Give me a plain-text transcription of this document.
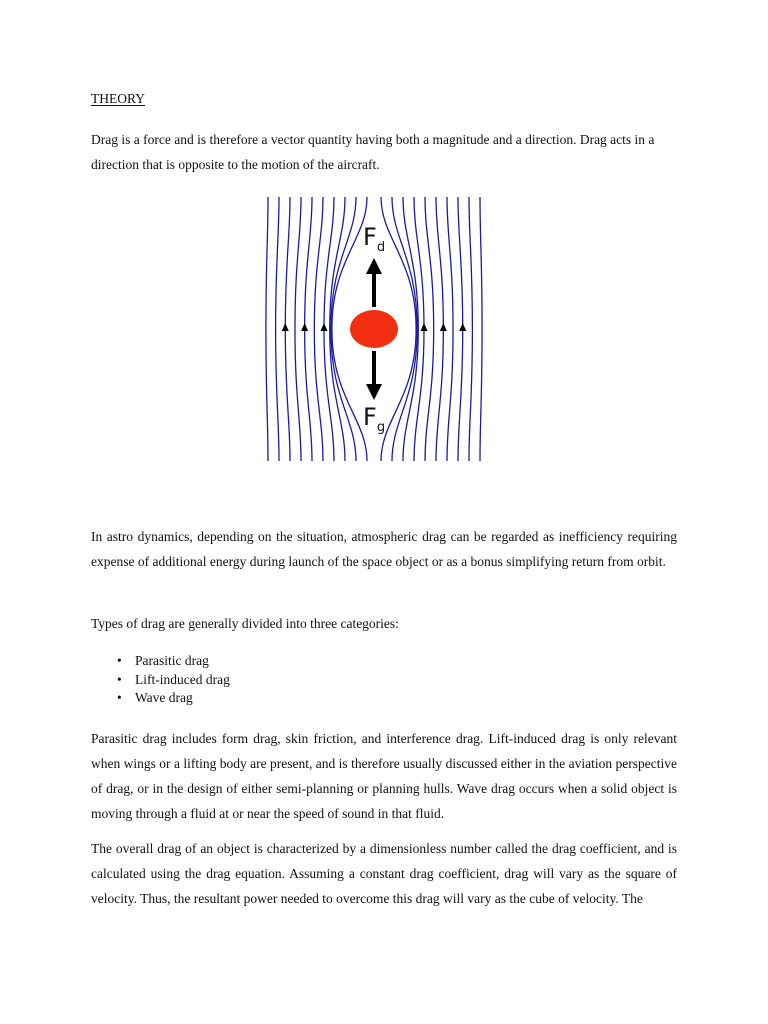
THEORY

Drag is a force and is therefore a vector quantity having both a magnitude and a direction. Drag acts in a direction that is opposite to the motion of the aircraft.

$F_d$
$F_g$

In astro dynamics, depending on the situation, atmospheric drag can be regarded as inefficiency requiring expense of additional energy during launch of the space object or as a bonus simplifying return from orbit.

Types of drag are generally divided into three categories:

• Parasitic drag
• Lift-induced drag
• Wave drag

Parasitic drag includes form drag, skin friction, and interference drag. Lift-induced drag is only relevant when wings or a lifting body are present, and is therefore usually discussed either in the aviation perspective of drag, or in the design of either semi-planning or planning hulls. Wave drag occurs when a solid object is moving through a fluid at or near the speed of sound in that fluid.

The overall drag of an object is characterized by a dimensionless number called the drag coefficient, and is calculated using the drag equation. Assuming a constant drag coefficient, drag will vary as the square of velocity. Thus, the resultant power needed to overcome this drag will vary as the cube of velocity. The
